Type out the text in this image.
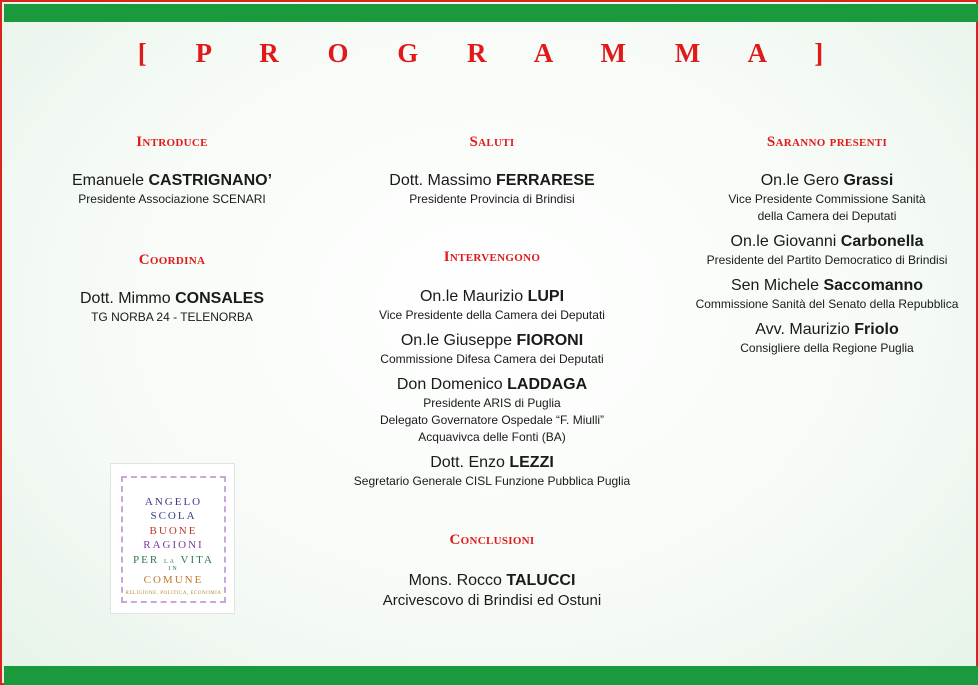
[ P R O G R A M M A ]
Introduce
Emanuele CASTRIGNANO’
Presidente Associazione SCENARI
Coordina
Dott. Mimmo CONSALES
TG NORBA 24 - TELENORBA
ANGELO
SCOLA
BUONE
RAGIONI
PER LA VITA
IN
COMUNE
RELIGIONE, POLITICA, ECONOMIA
Saluti
Dott. Massimo FERRARESE
Presidente Provincia di Brindisi
Intervengono
On.le Maurizio LUPI
Vice Presidente della Camera dei Deputati
On.le Giuseppe FIORONI
Commissione Difesa Camera dei Deputati
Don Domenico LADDAGA
Presidente ARIS di Puglia
Delegato Governatore Ospedale “F. Miulli”
Acquavivca delle Fonti (BA)
Dott. Enzo LEZZI
Segretario Generale CISL Funzione Pubblica Puglia
Conclusioni
Mons. Rocco TALUCCI
Arcivescovo di Brindisi ed Ostuni
Saranno presenti
On.le Gero Grassi
Vice Presidente Commissione Sanità
della Camera dei Deputati
On.le Giovanni Carbonella
Presidente del Partito Democratico di Brindisi
Sen Michele Saccomanno
Commissione Sanità del Senato della Repubblica
Avv. Maurizio Friolo
Consigliere della Regione Puglia
